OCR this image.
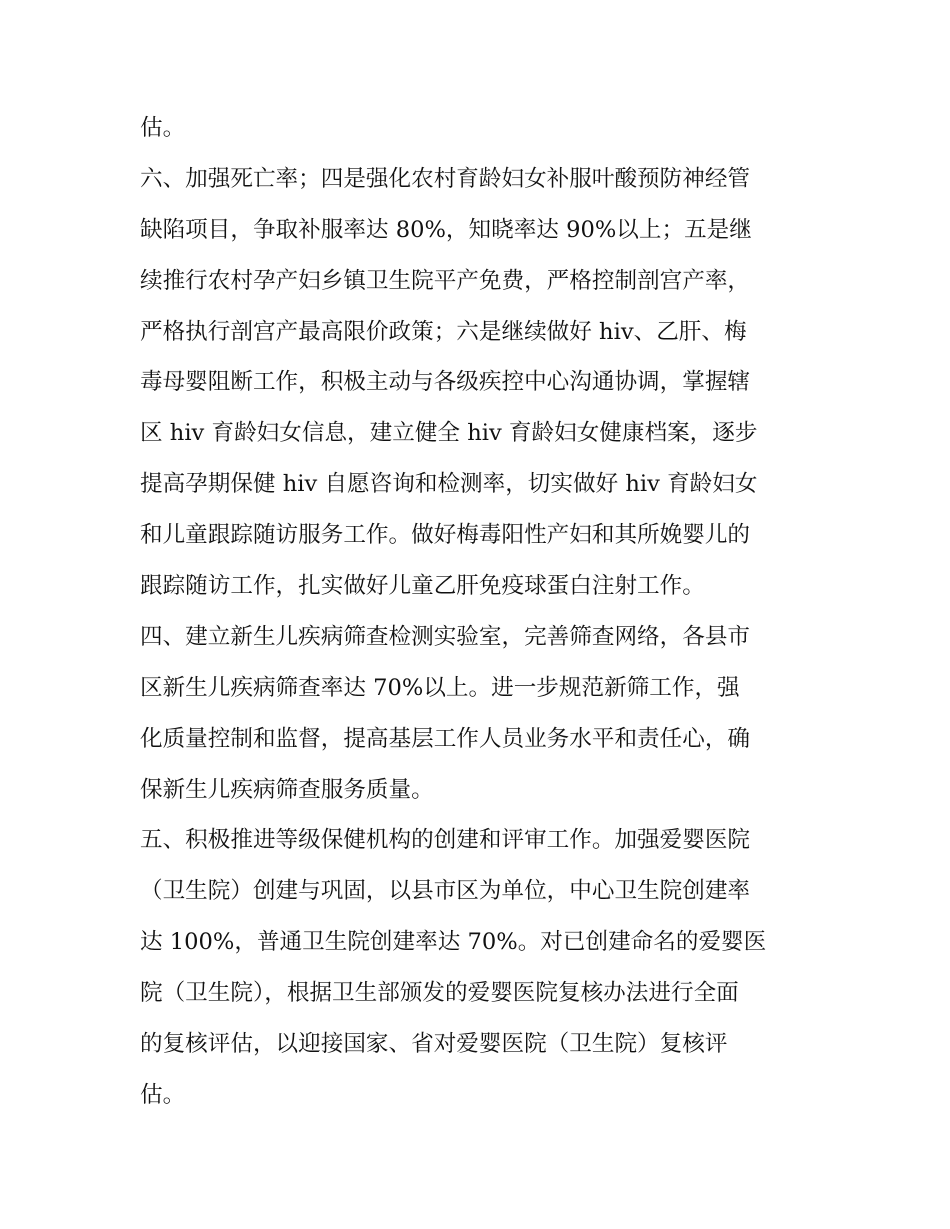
估。
六、加强死亡率；四是强化农村育龄妇女补服叶酸预防神经管
缺陷项目，争取补服率达 80%，知晓率达 90%以上；五是继
续推行农村孕产妇乡镇卫生院平产免费，严格控制剖宫产率，
严格执行剖宫产最高限价政策；六是继续做好 hiv、乙肝、梅
毒母婴阻断工作，积极主动与各级疾控中心沟通协调，掌握辖
区 hiv 育龄妇女信息，建立健全 hiv 育龄妇女健康档案，逐步
提高孕期保健 hiv 自愿咨询和检测率，切实做好 hiv 育龄妇女
和儿童跟踪随访服务工作。做好梅毒阳性产妇和其所娩婴儿的
跟踪随访工作，扎实做好儿童乙肝免疫球蛋白注射工作。
四、建立新生儿疾病筛查检测实验室，完善筛查网络，各县市
区新生儿疾病筛查率达 70%以上。进一步规范新筛工作，强
化质量控制和监督，提高基层工作人员业务水平和责任心，确
保新生儿疾病筛查服务质量。
五、积极推进等级保健机构的创建和评审工作。加强爱婴医院
（卫生院）创建与巩固，以县市区为单位，中心卫生院创建率
达 100%，普通卫生院创建率达 70%。对已创建命名的爱婴医
院（卫生院），根据卫生部颁发的爱婴医院复核办法进行全面
的复核评估，以迎接国家、省对爱婴医院（卫生院）复核评
估。
